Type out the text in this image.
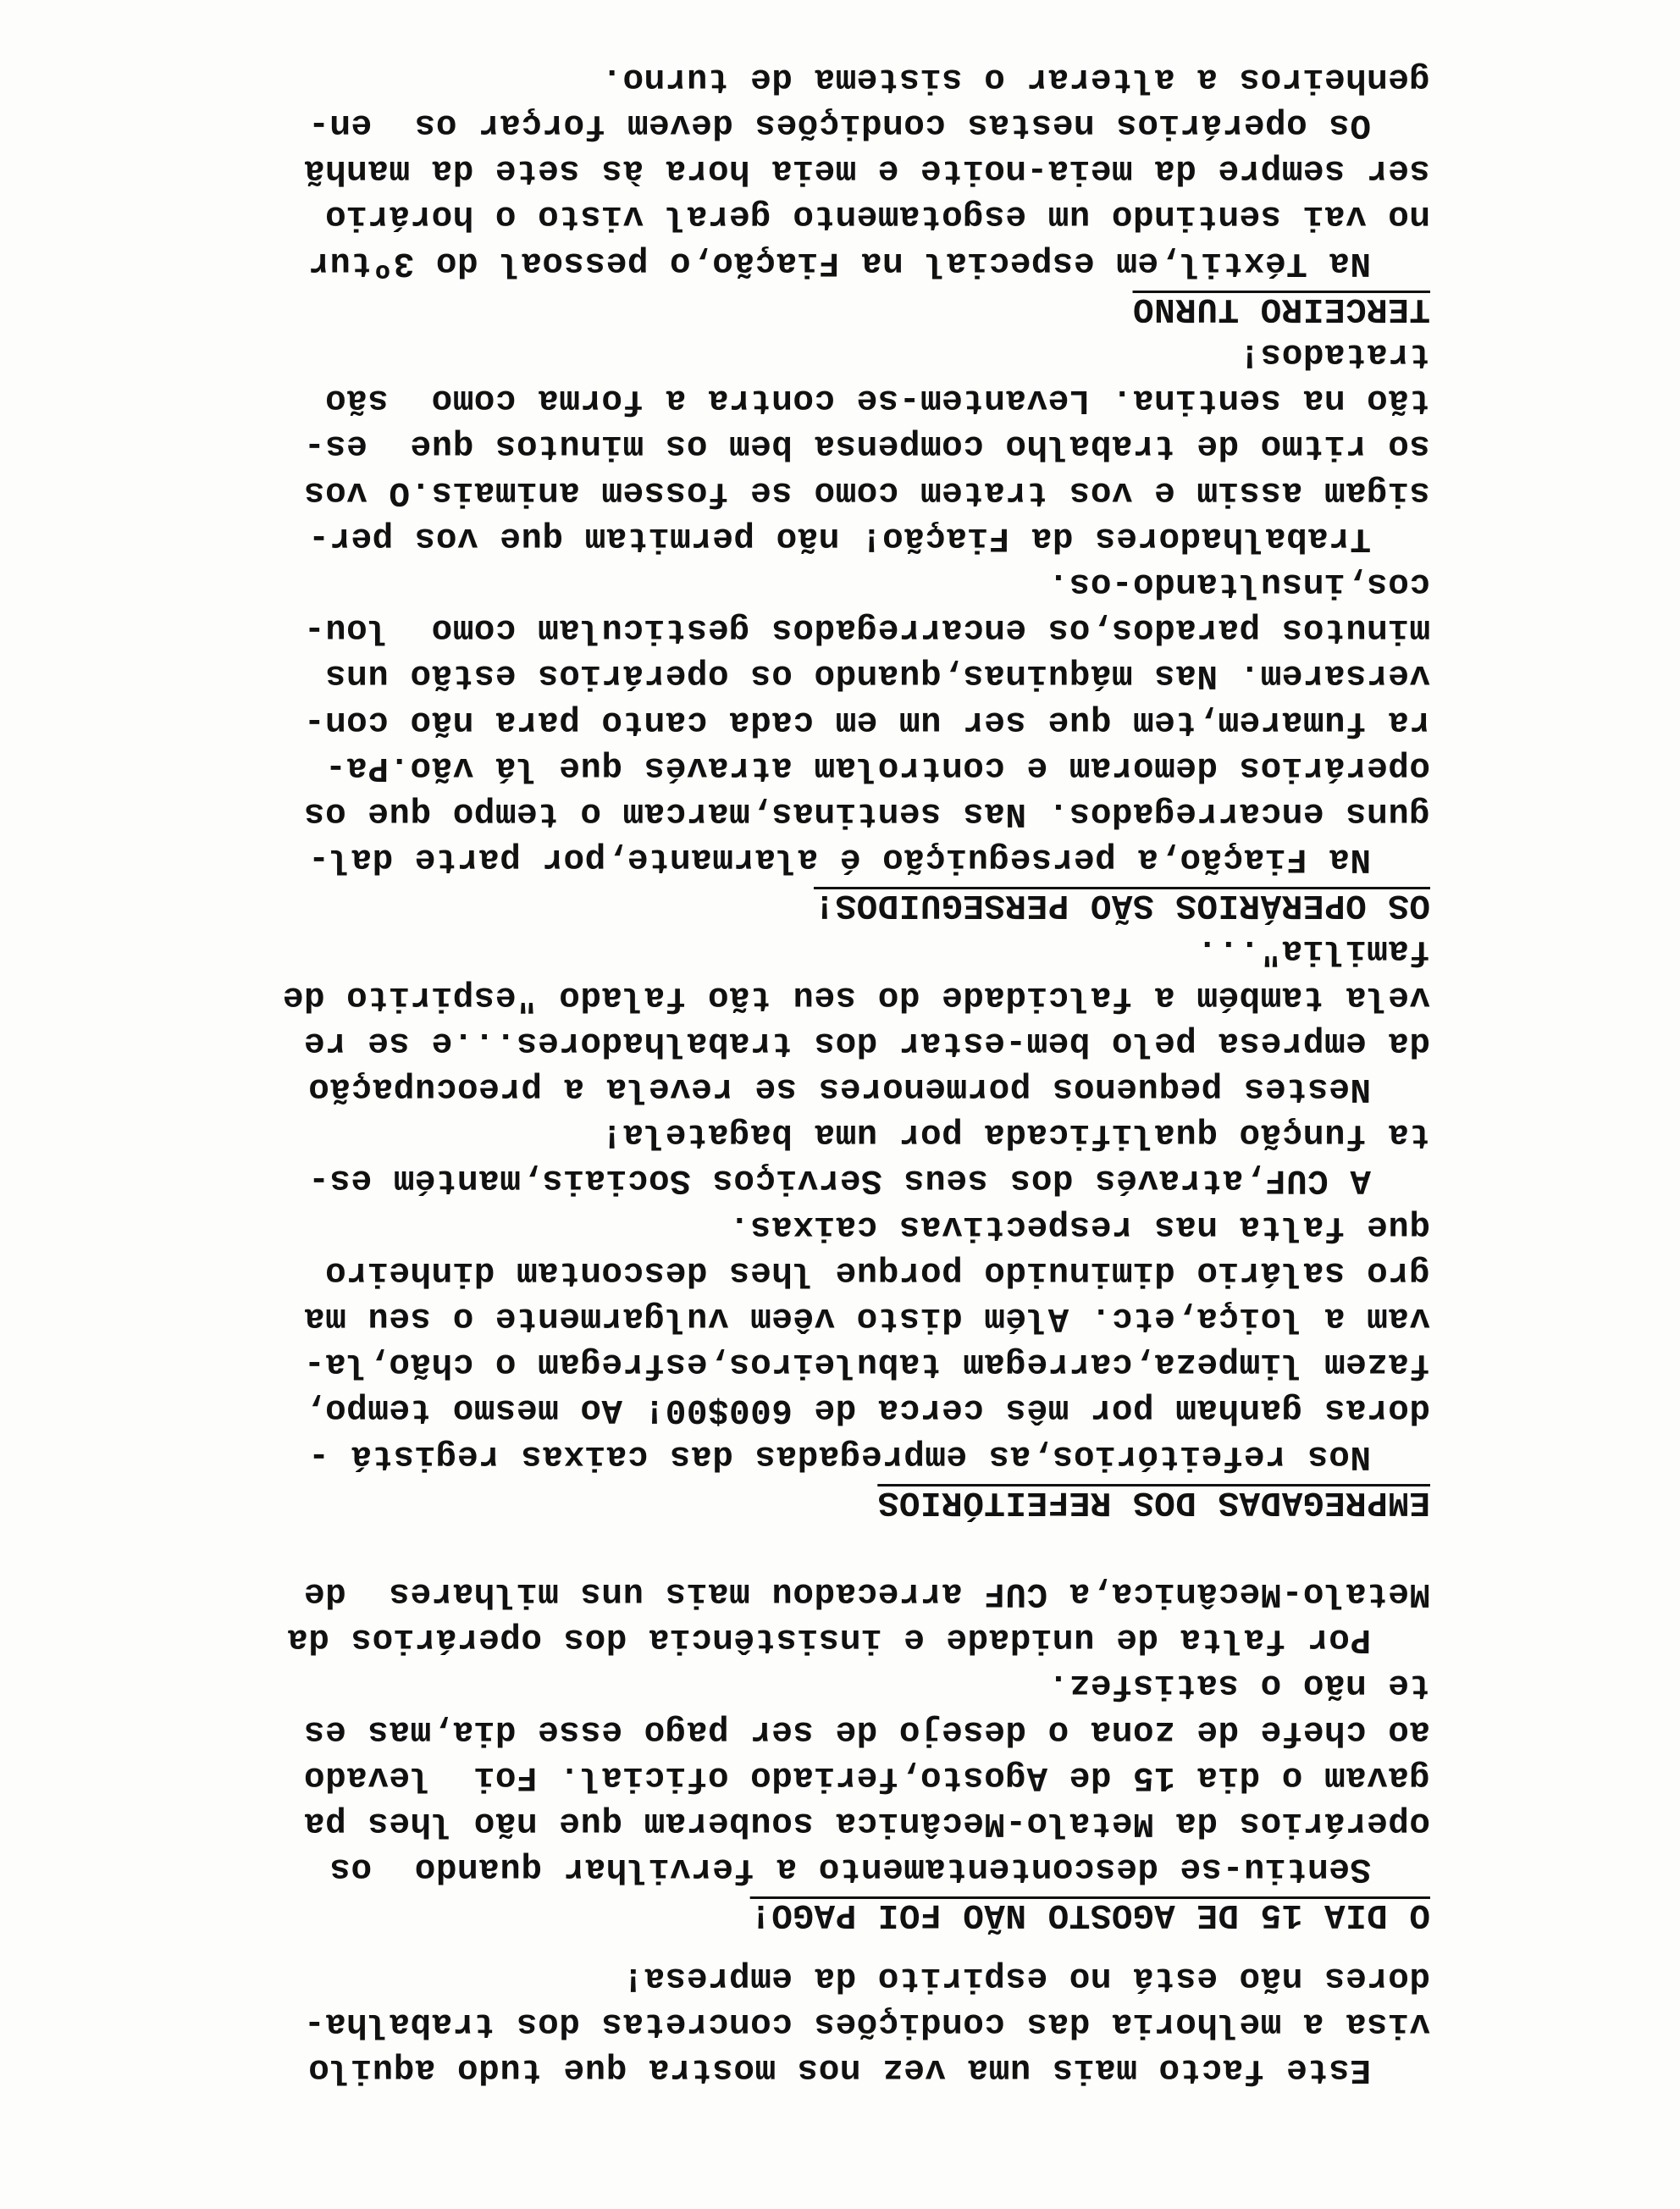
Este facto mais uma vez nos mostra que tudo aquilo
visa a melhoria das condições concretas dos trabalha-
dores não está no espirito da empresa!
O DIA 15 DE AGOSTO NÃO FOI PAGO!
Sentiu-se descontentamento a fervilhar quando  os
operários da Metalo-Mecânica souberam que não lhes pa
gavam o dia 15 de Agosto,feriado oficial. Foi  levado
ao chefe de zona o desejo de ser pago esse dia,mas es
te não o satisfez.
Por falta de unidade e insistência dos operários da
Metalo-Mecânica,a CUF arrecadou mais uns milhares  de
EMPREGADAS DOS REFEITÓRIOS
Nos refeitórios,as empregadas das caixas registá -
doras ganham por mês cerca de 600$00! Ao mesmo tempo,
fazem limpeza,carregam tabuleiros,esfregam o chão,la-
vam a loiça,etc. Além disto vêem vulgarmente o seu ma
gro salário diminuido porque lhes descontam dinheiro
que falta nas respectivas caixas.
A CUF,através dos seus Serviços Sociais,mantém es-
ta função qualificada por uma bagatela!
Nestes pequenos pormenores se revela a preocupação
da empresa pelo bem-estar dos trabalhadores...e se re
vela também a falcidade do seu tão falado "espirito de
familia"...
OS OPERÁRIOS SÃO PERSEGUIDOS!
Na Fiação,a perseguição é alarmante,por parte dal-
guns encarregados. Nas sentinas,marcam o tempo que os
operários demoram e controlam através que lá vão.Pa-
ra fumarem,tem que ser um em cada canto para não con-
versarem. Nas máquinas,quando os operários estão uns
minutos parados,os encarregados gesticulam como  lou-
cos,insultando-os.
Trabalhadores da Fiação! não permitam que vos per-
sigam assim e vos tratem como se fossem animais.O vos
so ritmo de trabalho compensa bem os minutos que  es-
tão na sentina. Levantem-se contra a forma como  são
tratados!
TERCEIRO TURNO
Na Téxtil,em especial na Fiação,o pessoal do 3ºtur
no vai sentindo um esgotamento geral visto o horário
ser sempre da meia-noite e meia hora às sete da manhã
Os operários nestas condições devem forçar os  en-
genheiros a alterar o sistema de turno.
